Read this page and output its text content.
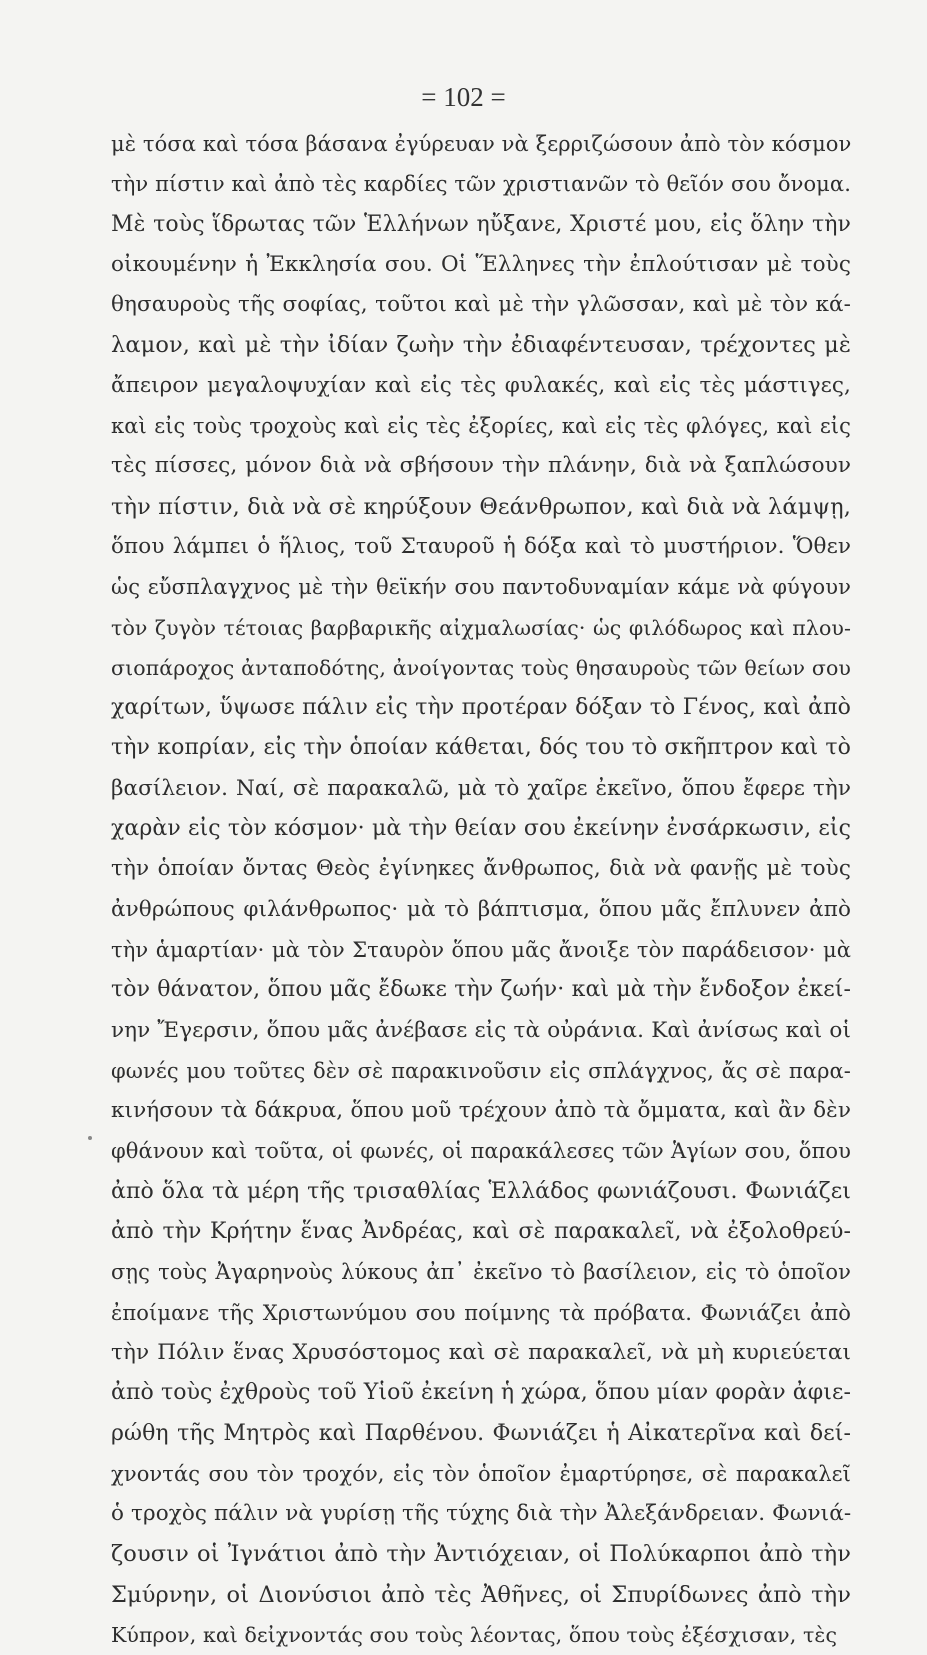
= 102 =
μὲ τόσα καὶ τόσα βάσανα ἐγύρευαν νὰ ξερριζώσουν ἀπὸ τὸν κόσμον
τὴν πίστιν καὶ ἀπὸ τὲς καρδίες τῶν χριστιανῶν τὸ θεῖόν σου ὄνομα.
Μὲ τοὺς ἵδρωτας τῶν Ἑλλήνων ηὔξανε, Χριστέ μου, εἰς ὅλην τὴν
οἰκουμένην ἡ Ἐκκλησία σου. Οἱ Ἕλληνες τὴν ἐπλούτισαν μὲ τοὺς
θησαυροὺς τῆς σοφίας, τοῦτοι καὶ μὲ τὴν γλῶσσαν, καὶ μὲ τὸν κά-
λαμον, καὶ μὲ τὴν ἰδίαν ζωὴν τὴν ἐδιαφέντευσαν, τρέχοντες μὲ
ἄπειρον μεγαλοψυχίαν καὶ εἰς τὲς φυλακές, καὶ εἰς τὲς μάστιγες,
καὶ εἰς τοὺς τροχοὺς καὶ εἰς τὲς ἐξορίες, καὶ εἰς τὲς φλόγες, καὶ εἰς
τὲς πίσσες, μόνον διὰ νὰ σβήσουν τὴν πλάνην, διὰ νὰ ξαπλώσουν
τὴν πίστιν, διὰ νὰ σὲ κηρύξουν Θεάνθρωπον, καὶ διὰ νὰ λάμψῃ,
ὅπου λάμπει ὁ ἥλιος, τοῦ Σταυροῦ ἡ δόξα καὶ τὸ μυστήριον. Ὅθεν
ὡς εὔσπλαγχνος μὲ τὴν θεϊκήν σου παντοδυναμίαν κάμε νὰ φύγουν
τὸν ζυγὸν τέτοιας βαρβαρικῆς αἰχμαλωσίας· ὡς φιλόδωρος καὶ πλου-
σιοπάροχος ἀνταποδότης, ἀνοίγοντας τοὺς θησαυροὺς τῶν θείων σου
χαρίτων, ὕψωσε πάλιν εἰς τὴν προτέραν δόξαν τὸ Γένος, καὶ ἀπὸ
τὴν κοπρίαν, εἰς τὴν ὁποίαν κάθεται, δός του τὸ σκῆπτρον καὶ τὸ
βασίλειον. Ναί, σὲ παρακαλῶ, μὰ τὸ χαῖρε ἐκεῖνο, ὅπου ἔφερε τὴν
χαρὰν εἰς τὸν κόσμον· μὰ τὴν θείαν σου ἐκείνην ἐνσάρκωσιν, εἰς
τὴν ὁποίαν ὄντας Θεὸς ἐγίνηκες ἄνθρωπος, διὰ νὰ φανῇς μὲ τοὺς
ἀνθρώπους φιλάνθρωπος· μὰ τὸ βάπτισμα, ὅπου μᾶς ἔπλυνεν ἀπὸ
τὴν ἁμαρτίαν· μὰ τὸν Σταυρὸν ὅπου μᾶς ἄνοιξε τὸν παράδεισον· μὰ
τὸν θάνατον, ὅπου μᾶς ἔδωκε τὴν ζωήν· καὶ μὰ τὴν ἔνδοξον ἐκεί-
νην Ἔγερσιν, ὅπου μᾶς ἀνέβασε εἰς τὰ οὐράνια. Καὶ ἀνίσως καὶ οἱ
φωνές μου τοῦτες δὲν σὲ παρακινοῦσιν εἰς σπλάγχνος, ἄς σὲ παρα-
κινήσουν τὰ δάκρυα, ὅπου μοῦ τρέχουν ἀπὸ τὰ ὄμματα, καὶ ἂν δὲν
φθάνουν καὶ τοῦτα, οἱ φωνές, οἱ παρακάλεσες τῶν Ἁγίων σου, ὅπου
ἀπὸ ὅλα τὰ μέρη τῆς τρισαθλίας Ἑλλάδος φωνιάζουσι. Φωνιάζει
ἀπὸ τὴν Κρήτην ἕνας Ἀνδρέας, καὶ σὲ παρακαλεῖ, νὰ ἐξολοθρεύ-
σῃς τοὺς Ἀγαρηνοὺς λύκους ἀπ᾽ ἐκεῖνο τὸ βασίλειον, εἰς τὸ ὁποῖον
ἐποίμανε τῆς Χριστωνύμου σου ποίμνης τὰ πρόβατα. Φωνιάζει ἀπὸ
τὴν Πόλιν ἕνας Χρυσόστομος καὶ σὲ παρακαλεῖ, νὰ μὴ κυριεύεται
ἀπὸ τοὺς ἐχθροὺς τοῦ Υἱοῦ ἐκείνη ἡ χώρα, ὅπου μίαν φορὰν ἀφιε-
ρώθη τῆς Μητρὸς καὶ Παρθένου. Φωνιάζει ἡ Αἰκατερῖνα καὶ δεί-
χνοντάς σου τὸν τροχόν, εἰς τὸν ὁποῖον ἐμαρτύρησε, σὲ παρακαλεῖ
ὁ τροχὸς πάλιν νὰ γυρίσῃ τῆς τύχης διὰ τὴν Ἀλεξάνδρειαν. Φωνιά-
ζουσιν οἱ Ἰγνάτιοι ἀπὸ τὴν Ἀντιόχειαν, οἱ Πολύκαρποι ἀπὸ τὴν
Σμύρνην, οἱ Διονύσιοι ἀπὸ τὲς Ἀθῆνες, οἱ Σπυρίδωνες ἀπὸ τὴν
Κύπρον, καὶ δεἰχνοντάς σου τοὺς λέοντας, ὅπου τοὺς ἐξέσχισαν, τὲς
